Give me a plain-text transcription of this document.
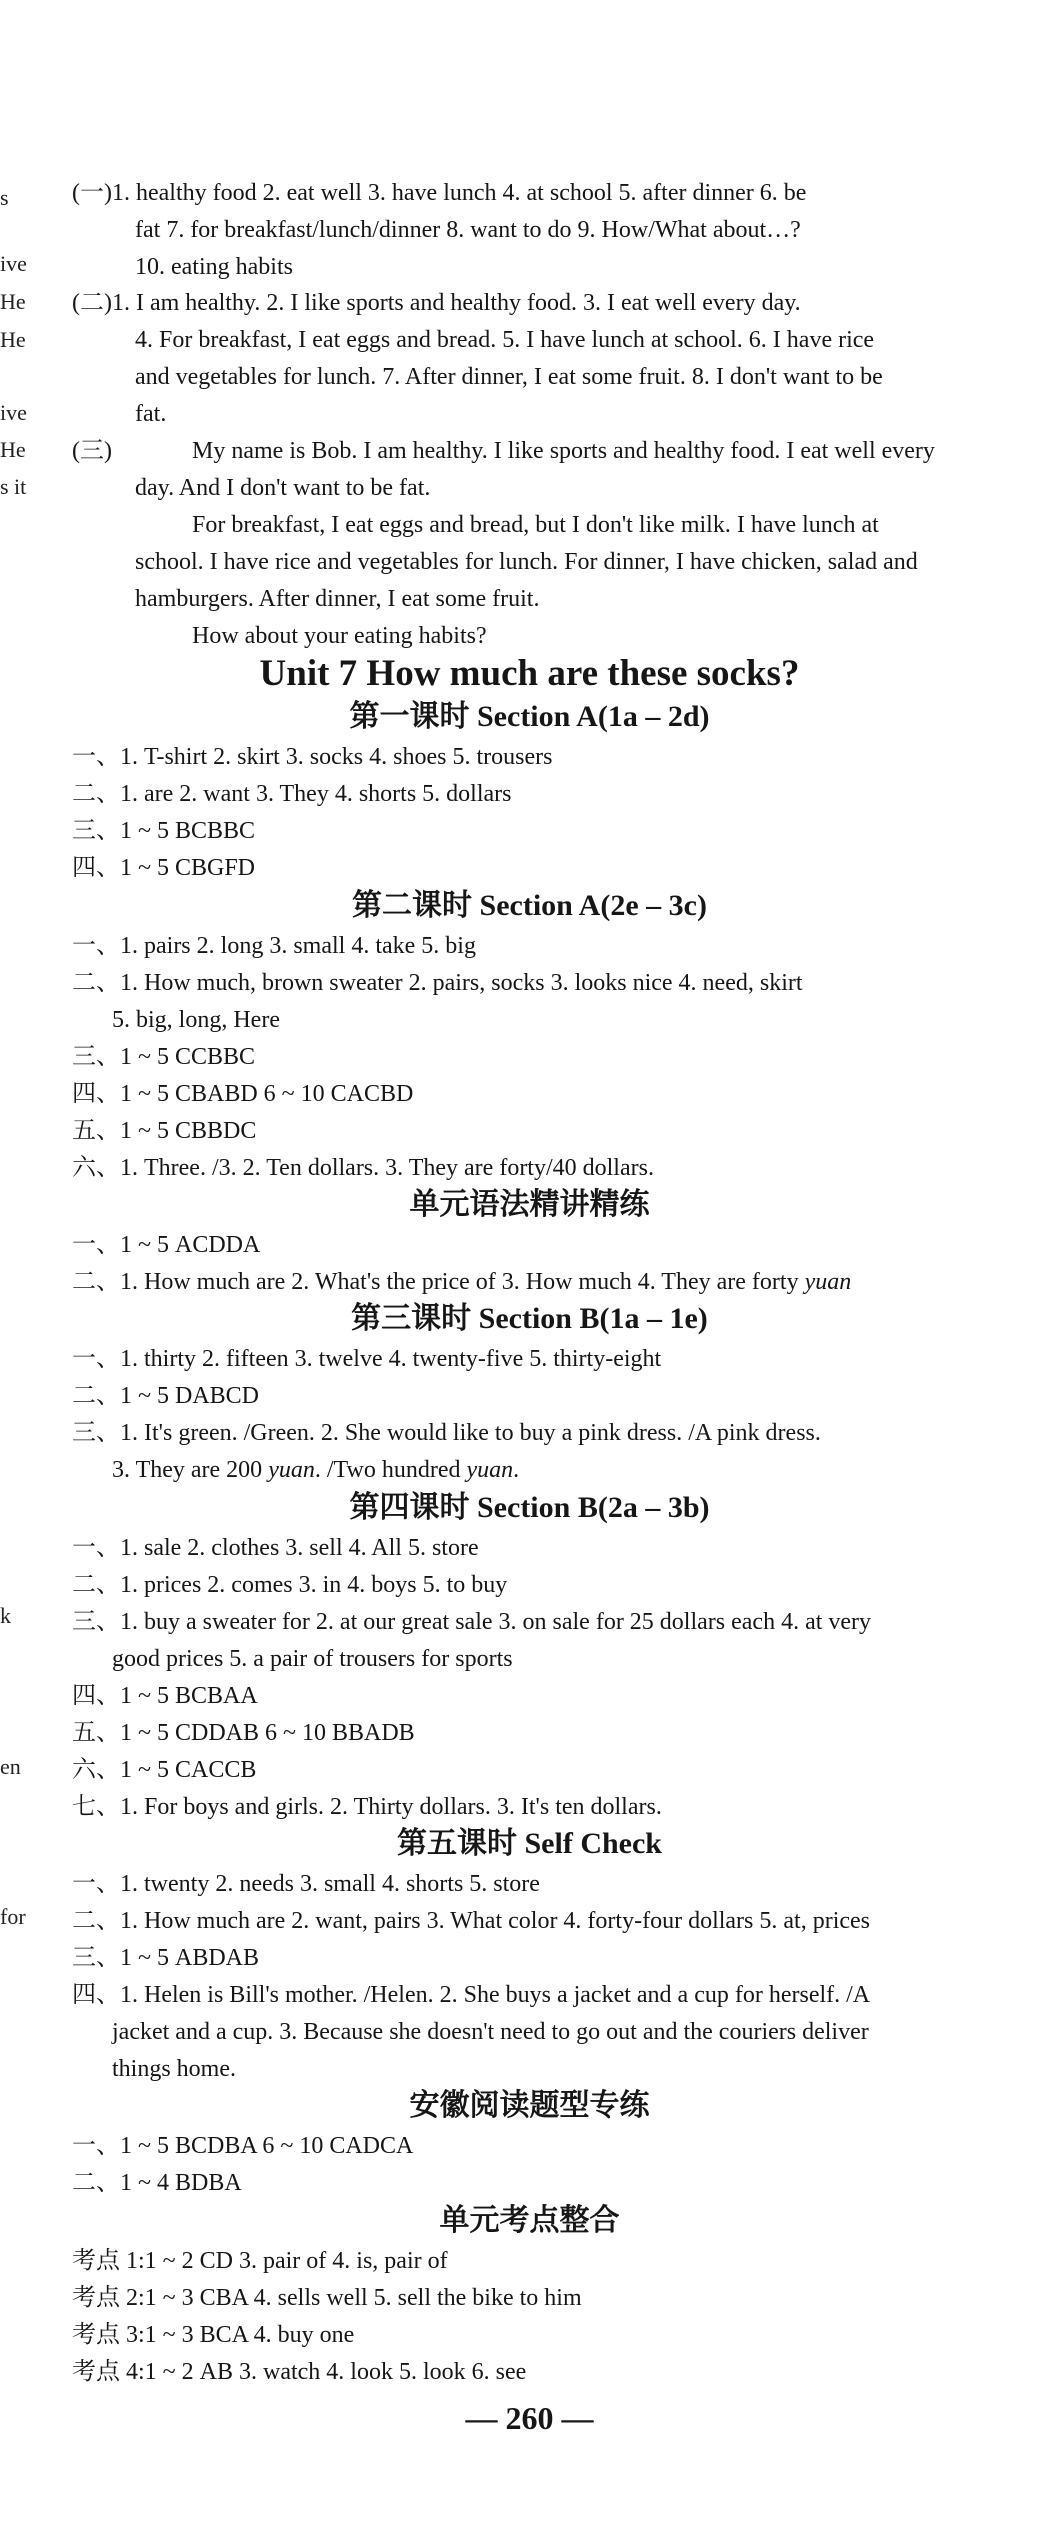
s
ive
He
He
ive
He
s it
k
en
for
(一)1. healthy food 2. eat well 3. have lunch 4. at school 5. after dinner 6. be
fat 7. for breakfast/lunch/dinner 8. want to do 9. How/What about…?
10. eating habits
(二)1. I am healthy. 2. I like sports and healthy food. 3. I eat well every day.
4. For breakfast, I eat eggs and bread. 5. I have lunch at school. 6. I have rice
and vegetables for lunch. 7. After dinner, I eat some fruit. 8. I don't want to be
fat.
(三)	My name is Bob. I am healthy. I like sports and healthy food. I eat well every
day. And I don't want to be fat.
For breakfast, I eat eggs and bread, but I don't like milk. I have lunch at
school. I have rice and vegetables for lunch. For dinner, I have chicken, salad and
hamburgers. After dinner, I eat some fruit.
How about your eating habits?
Unit 7 How much are these socks?
第一课时 Section A(1a – 2d)
一、1. T-shirt 2. skirt 3. socks 4. shoes 5. trousers
二、1. are 2. want 3. They 4. shorts 5. dollars
三、1 ~ 5 BCBBC
四、1 ~ 5 CBGFD
第二课时 Section A(2e – 3c)
一、1. pairs 2. long 3. small 4. take 5. big
二、1. How much, brown sweater 2. pairs, socks 3. looks nice 4. need, skirt
5. big, long, Here
三、1 ~ 5 CCBBC
四、1 ~ 5 CBABD 6 ~ 10 CACBD
五、1 ~ 5 CBBDC
六、1. Three. /3. 2. Ten dollars. 3. They are forty/40 dollars.
单元语法精讲精练
一、1 ~ 5 ACDDA
二、1. How much are 2. What's the price of 3. How much 4. They are forty yuan
第三课时 Section B(1a – 1e)
一、1. thirty 2. fifteen 3. twelve 4. twenty-five 5. thirty-eight
二、1 ~ 5 DABCD
三、1. It's green. /Green. 2. She would like to buy a pink dress. /A pink dress.
3. They are 200 yuan. /Two hundred yuan.
第四课时 Section B(2a – 3b)
一、1. sale 2. clothes 3. sell 4. All 5. store
二、1. prices 2. comes 3. in 4. boys 5. to buy
三、1. buy a sweater for 2. at our great sale 3. on sale for 25 dollars each 4. at very
good prices 5. a pair of trousers for sports
四、1 ~ 5 BCBAA
五、1 ~ 5 CDDAB 6 ~ 10 BBADB
六、1 ~ 5 CACCB
七、1. For boys and girls. 2. Thirty dollars. 3. It's ten dollars.
第五课时 Self Check
一、1. twenty 2. needs 3. small 4. shorts 5. store
二、1. How much are 2. want, pairs 3. What color 4. forty-four dollars 5. at, prices
三、1 ~ 5 ABDAB
四、1. Helen is Bill's mother. /Helen. 2. She buys a jacket and a cup for herself. /A
jacket and a cup. 3. Because she doesn't need to go out and the couriers deliver
things home.
安徽阅读题型专练
一、1 ~ 5 BCDBA 6 ~ 10 CADCA
二、1 ~ 4 BDBA
单元考点整合
考点 1:1 ~ 2 CD 3. pair of 4. is, pair of
考点 2:1 ~ 3 CBA 4. sells well 5. sell the bike to him
考点 3:1 ~ 3 BCA 4. buy one
考点 4:1 ~ 2 AB 3. watch 4. look 5. look 6. see
— 260 —
